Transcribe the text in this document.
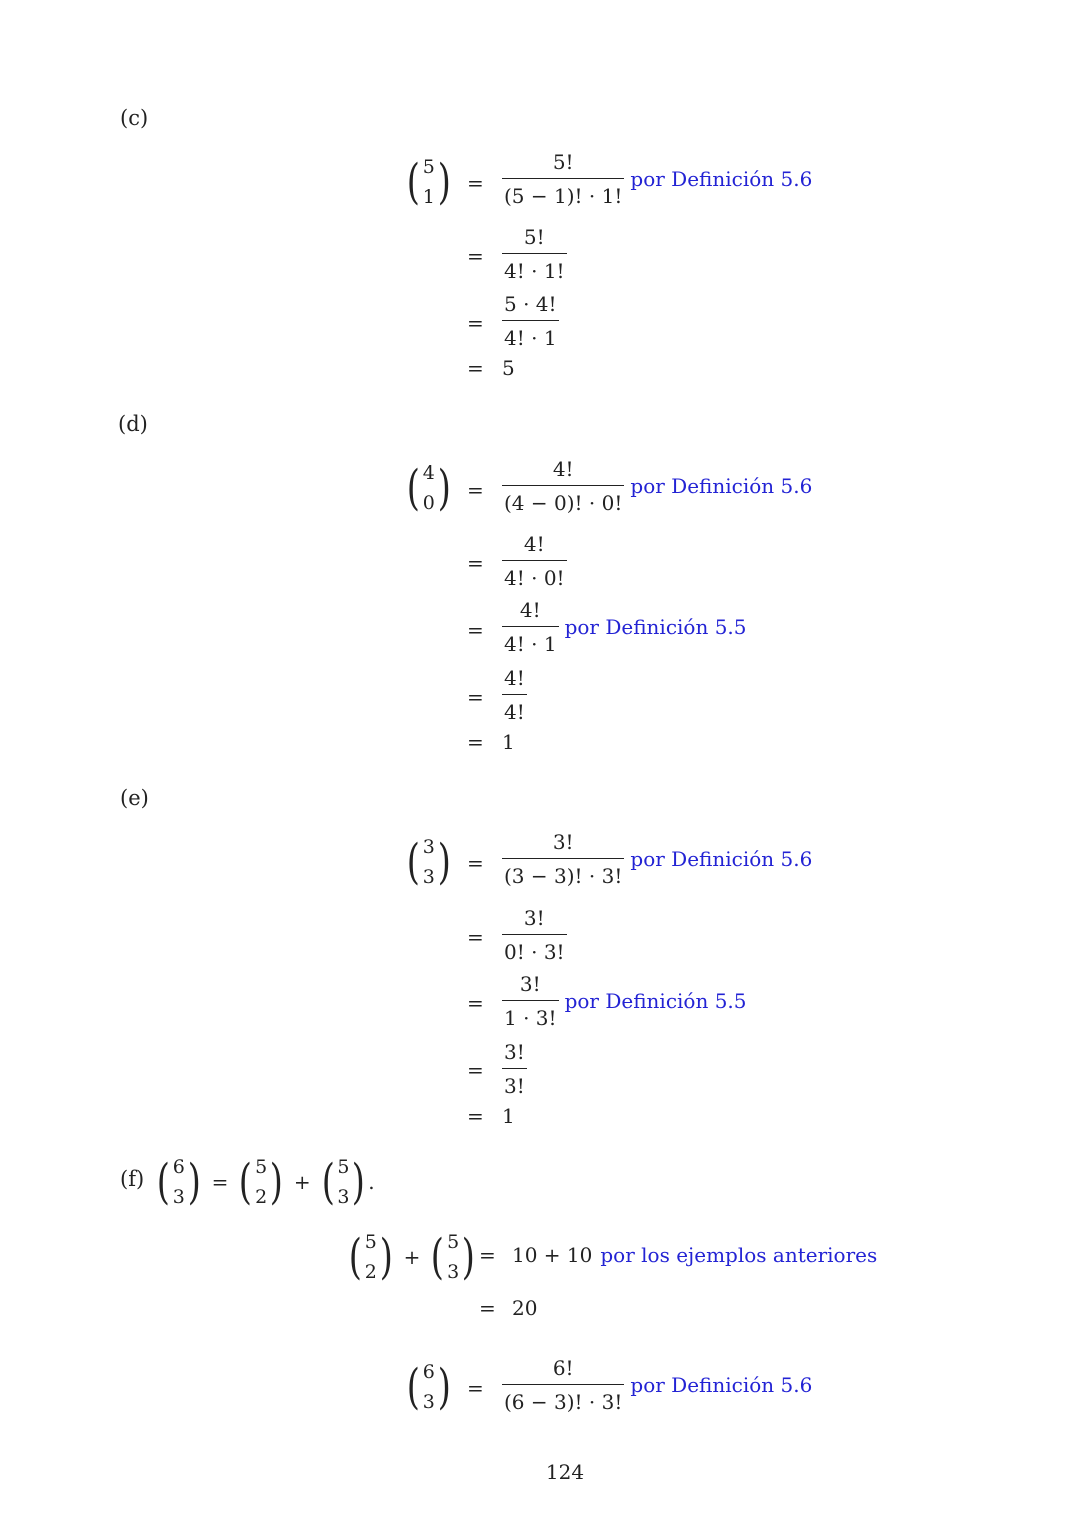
(c)
( 5
1 ) = $\frac{5!}{(5 - 1)! \cdot 1!}$ por Definición 5.6
= $\frac{5!}{4! \cdot 1!}$
= $\frac{5 \cdot 4!}{4! \cdot 1}$
= 5
(d)
( 4
0 ) = $\frac{4!}{(4 - 0)! \cdot 0!}$ por Definición 5.6
= $\frac{4!}{4! \cdot 0!}$
= $\frac{4!}{4! \cdot 1}$ por Definición 5.5
= $\frac{4!}{4!}$
= 1
(e)
( 3
3 ) = $\frac{3!}{(3 - 3)! \cdot 3!}$ por Definición 5.6
= $\frac{3!}{0! \cdot 3!}$
= $\frac{3!}{1 \cdot 3!}$ por Definición 5.5
= $\frac{3!}{3!}$
= 1
(f) ( 6
3 ) = ( 5
2 ) + ( 5
3 ) .
( 5
2 ) + ( 5
3 ) = 10 + 10 por los ejemplos anteriores
= 20
( 6
3 ) = $\frac{6!}{(6 - 3)! \cdot 3!}$ por Definición 5.6
124
